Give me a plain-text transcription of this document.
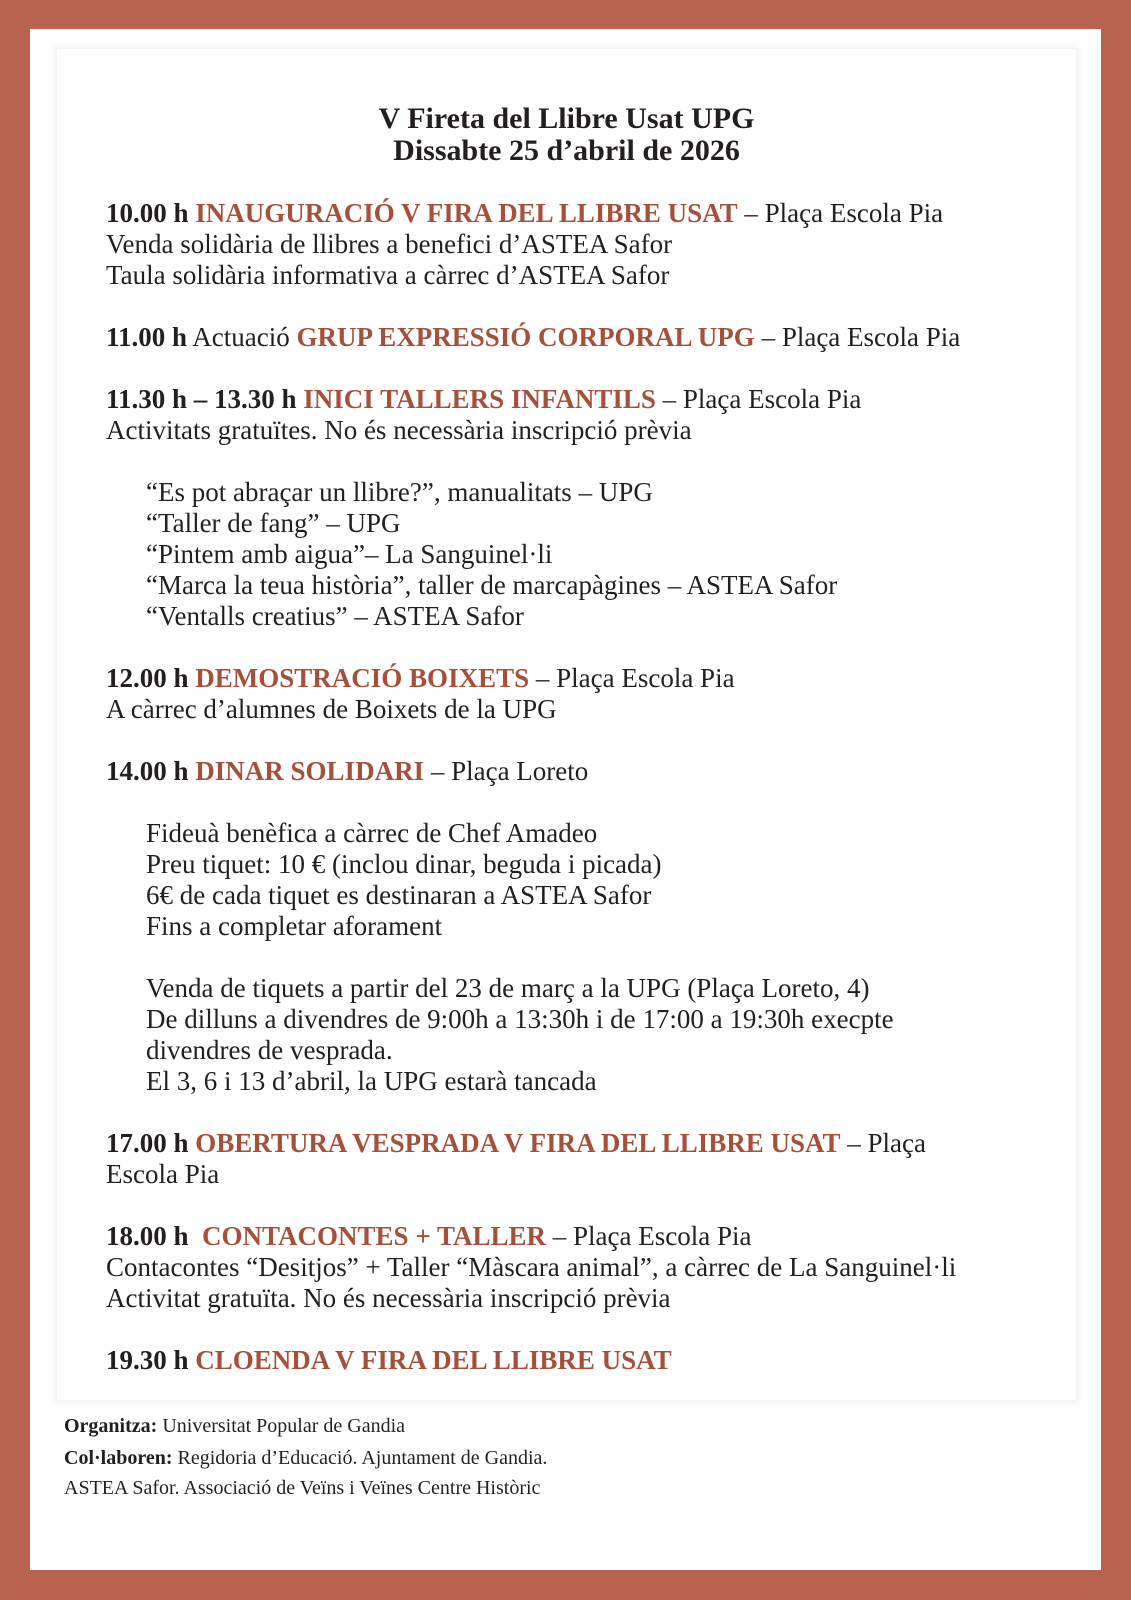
V Fireta del Llibre Usat UPG
Dissabte 25 d’abril de 2026
10.00 h INAUGURACIÓ V FIRA DEL LLIBRE USAT – Plaça Escola Pia
Venda solidària de llibres a benefici d’ASTEA Safor
Taula solidària informativa a càrrec d’ASTEA Safor
11.00 h Actuació GRUP EXPRESSIÓ CORPORAL UPG – Plaça Escola Pia
11.30 h – 13.30 h INICI TALLERS INFANTILS – Plaça Escola Pia
Activitats gratuïtes. No és necessària inscripció prèvia
“Es pot abraçar un llibre?”, manualitats – UPG
“Taller de fang” – UPG
“Pintem amb aigua”– La Sanguinel·li
“Marca la teua història”, taller de marcapàgines – ASTEA Safor
“Ventalls creatius” – ASTEA Safor
12.00 h DEMOSTRACIÓ BOIXETS – Plaça Escola Pia
A càrrec d’alumnes de Boixets de la UPG
14.00 h DINAR SOLIDARI – Plaça Loreto
Fideuà benèfica a càrrec de Chef Amadeo
Preu tiquet: 10 € (inclou dinar, beguda i picada)
6€ de cada tiquet es destinaran a ASTEA Safor
Fins a completar aforament
Venda de tiquets a partir del 23 de març a la UPG (Plaça Loreto, 4)
De dilluns a divendres de 9:00h a 13:30h i de 17:00 a 19:30h execpte
divendres de vesprada.
El 3, 6 i 13 d’abril, la UPG estarà tancada
17.00 h OBERTURA VESPRADA V FIRA DEL LLIBRE USAT – Plaça
Escola Pia
18.00 h CONTACONTES + TALLER – Plaça Escola Pia
Contacontes “Desitjos” + Taller “Màscara animal”, a càrrec de La Sanguinel·li
Activitat gratuïta. No és necessària inscripció prèvia
19.30 h CLOENDA V FIRA DEL LLIBRE USAT
Organitza: Universitat Popular de Gandia
Col·laboren: Regidoria d’Educació. Ajuntament de Gandia.
ASTEA Safor. Associació de Veïns i Veïnes Centre Històric
